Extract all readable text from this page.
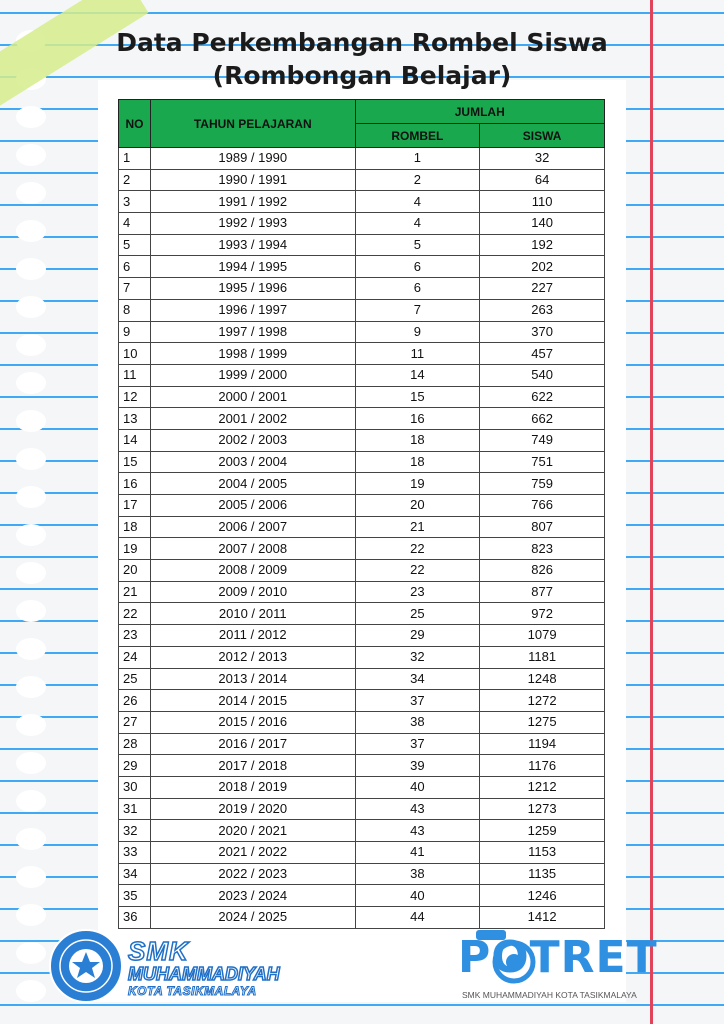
Data Perkembangan Rombel Siswa
(Rombongan Belajar)
NO	TAHUN PELAJARAN	JUMLAH	
		ROMBEL	SISWA
1	1989 / 1990	1	32
2	1990 / 1991	2	64
3	1991 / 1992	4	110
4	1992 / 1993	4	140
5	1993 / 1994	5	192
6	1994 / 1995	6	202
7	1995 / 1996	6	227
8	1996 / 1997	7	263
9	1997 / 1998	9	370
10	1998 / 1999	11	457
11	1999 / 2000	14	540
12	2000 / 2001	15	622
13	2001 / 2002	16	662
14	2002 / 2003	18	749
15	2003 / 2004	18	751
16	2004 / 2005	19	759
17	2005 / 2006	20	766
18	2006 / 2007	21	807
19	2007 / 2008	22	823
20	2008 / 2009	22	826
21	2009 / 2010	23	877
22	2010 / 2011	25	972
23	2011 / 2012	29	1079
24	2012 / 2013	32	1181
25	2013 / 2014	34	1248
26	2014 / 2015	37	1272
27	2015 / 2016	38	1275
28	2016 / 2017	37	1194
29	2017 / 2018	39	1176
30	2018 / 2019	40	1212
31	2019 / 2020	43	1273
32	2020 / 2021	43	1259
33	2021 / 2022	41	1153
34	2022 / 2023	38	1135
35	2023 / 2024	40	1246
36	2024 / 2025	44	1412
SMK
MUHAMMADIYAH
KOTA TASIKMALAYA
POTRET
SMK MUHAMMADIYAH KOTA TASIKMALAYA
